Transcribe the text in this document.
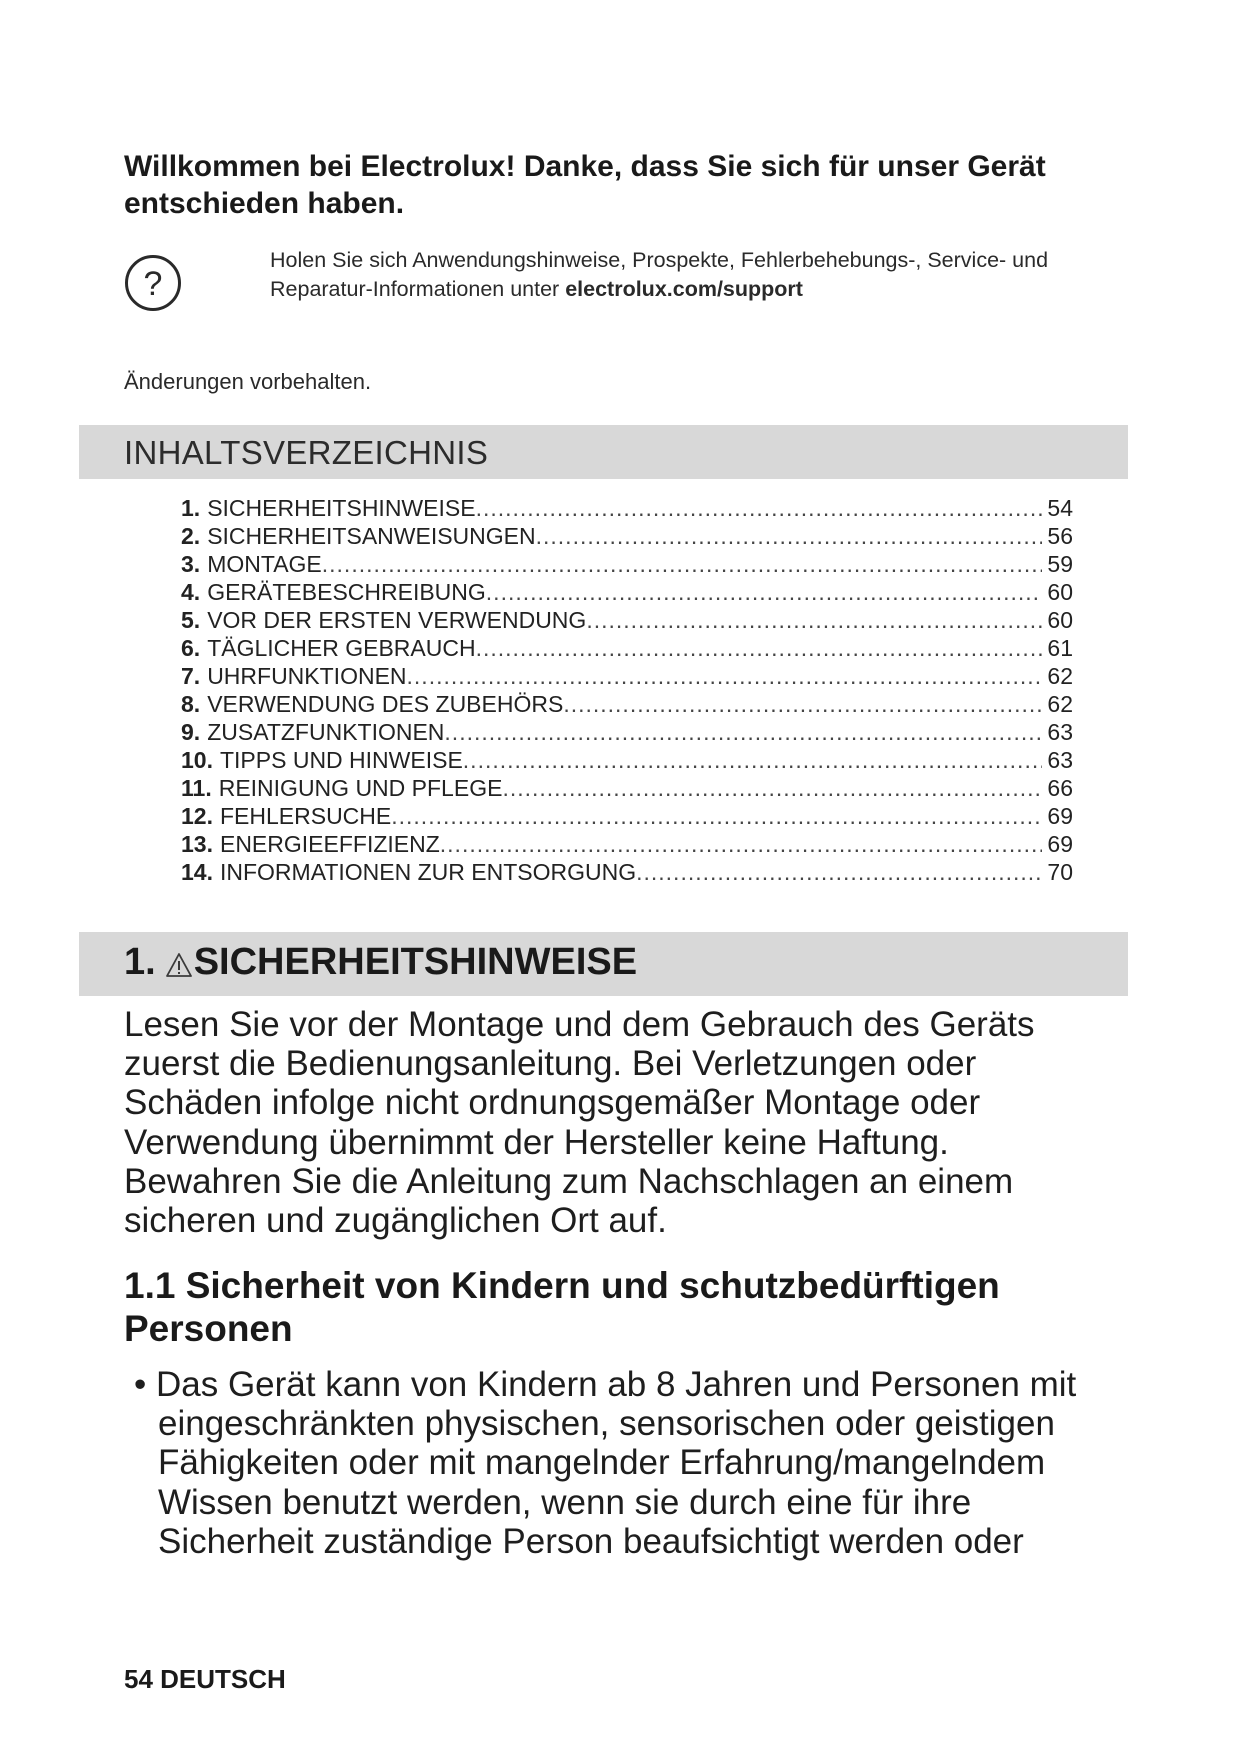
Willkommen bei Electrolux! Danke, dass Sie sich für unser Gerät entschieden haben.
?
Holen Sie sich Anwendungshinweise, Prospekte, Fehlerbehebungs-, Service- und Reparatur-Informationen unter electrolux.com/support
Änderungen vorbehalten.
INHALTSVERZEICHNIS
1. SICHERHEITSHINWEISE .....	54
2. SICHERHEITSANWEISUNGEN .....	56
3. MONTAGE .....	59
4. GERÄTEBESCHREIBUNG .....	60
5. VOR DER ERSTEN VERWENDUNG .....	60
6. TÄGLICHER GEBRAUCH .....	61
7. UHRFUNKTIONEN .....	62
8. VERWENDUNG DES ZUBEHÖRS .....	62
9. ZUSATZFUNKTIONEN .....	63
10. TIPPS UND HINWEISE .....	63
11. REINIGUNG UND PFLEGE .....	66
12. FEHLERSUCHE .....	69
13. ENERGIEEFFIZIENZ .....	69
14. INFORMATIONEN ZUR ENTSORGUNG .....	70
1. SICHERHEITSHINWEISE
Lesen Sie vor der Montage und dem Gebrauch des Geräts zuerst die Bedienungsanleitung. Bei Verletzungen oder Schäden infolge nicht ordnungsgemäßer Montage oder Verwendung übernimmt der Hersteller keine Haftung. Bewahren Sie die Anleitung zum Nachschlagen an einem sicheren und zugänglichen Ort auf.
1.1 Sicherheit von Kindern und schutzbedürftigen Personen
• Das Gerät kann von Kindern ab 8 Jahren und Personen mit eingeschränkten physischen, sensorischen oder geistigen Fähigkeiten oder mit mangelnder Erfahrung/mangelndem Wissen benutzt werden, wenn sie durch eine für ihre Sicherheit zuständige Person beaufsichtigt werden oder
54 DEUTSCH
